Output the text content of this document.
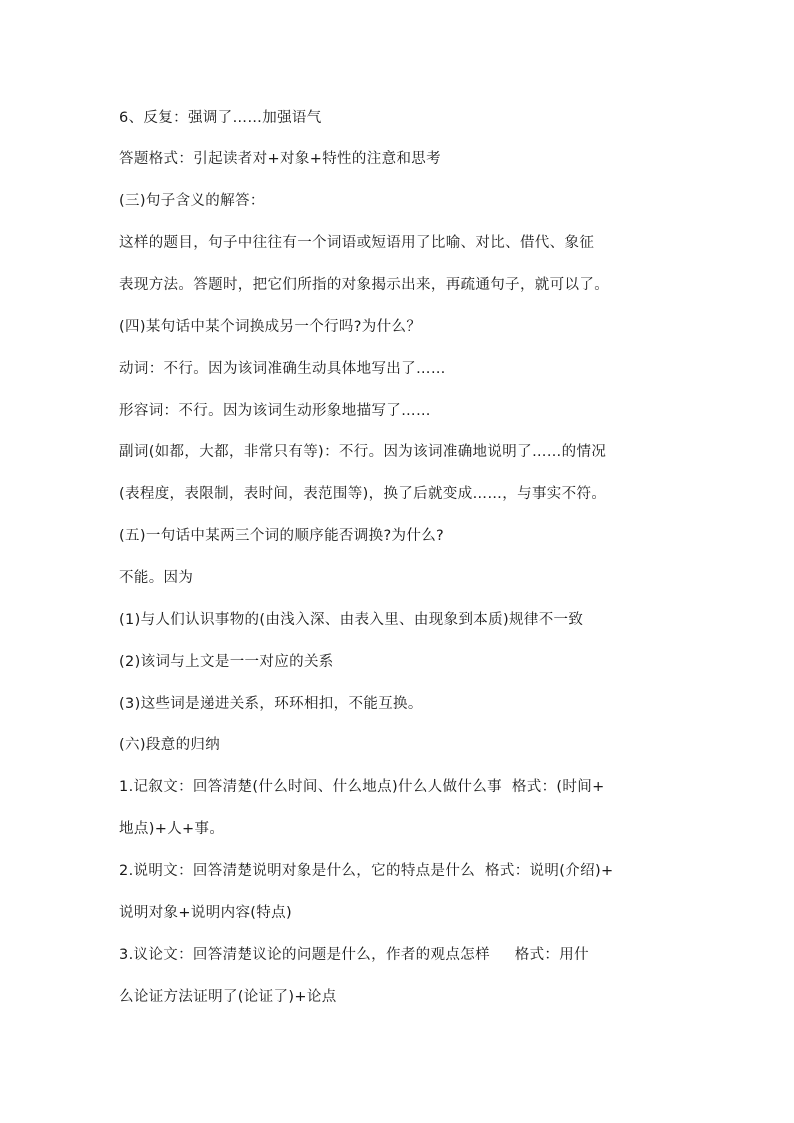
6、反复：强调了……加强语气

答题格式：引起读者对+对象+特性的注意和思考

(三)句子含义的解答：

这样的题目，句子中往往有一个词语或短语用了比喻、对比、借代、象征

表现方法。答题时，把它们所指的对象揭示出来，再疏通句子，就可以了。

(四)某句话中某个词换成另一个行吗?为什么？

动词：不行。因为该词准确生动具体地写出了……

形容词：不行。因为该词生动形象地描写了……

副词(如都，大都，非常只有等)：不行。因为该词准确地说明了……的情况

(表程度，表限制，表时间，表范围等)，换了后就变成……，与事实不符。

(五)一句话中某两三个词的顺序能否调换?为什么?

不能。因为

(1)与人们认识事物的(由浅入深、由表入里、由现象到本质)规律不一致

(2)该词与上文是一一对应的关系

(3)这些词是递进关系，环环相扣，不能互换。

(六)段意的归纳

1.记叙文：回答清楚(什么时间、什么地点)什么人做什么事  格式：(时间+

地点)+人+事。

2.说明文：回答清楚说明对象是什么，它的特点是什么  格式：说明(介绍)+

说明对象+说明内容(特点)

3.议论文：回答清楚议论的问题是什么，作者的观点怎样     格式：用什

么论证方法证明了(论证了)+论点
